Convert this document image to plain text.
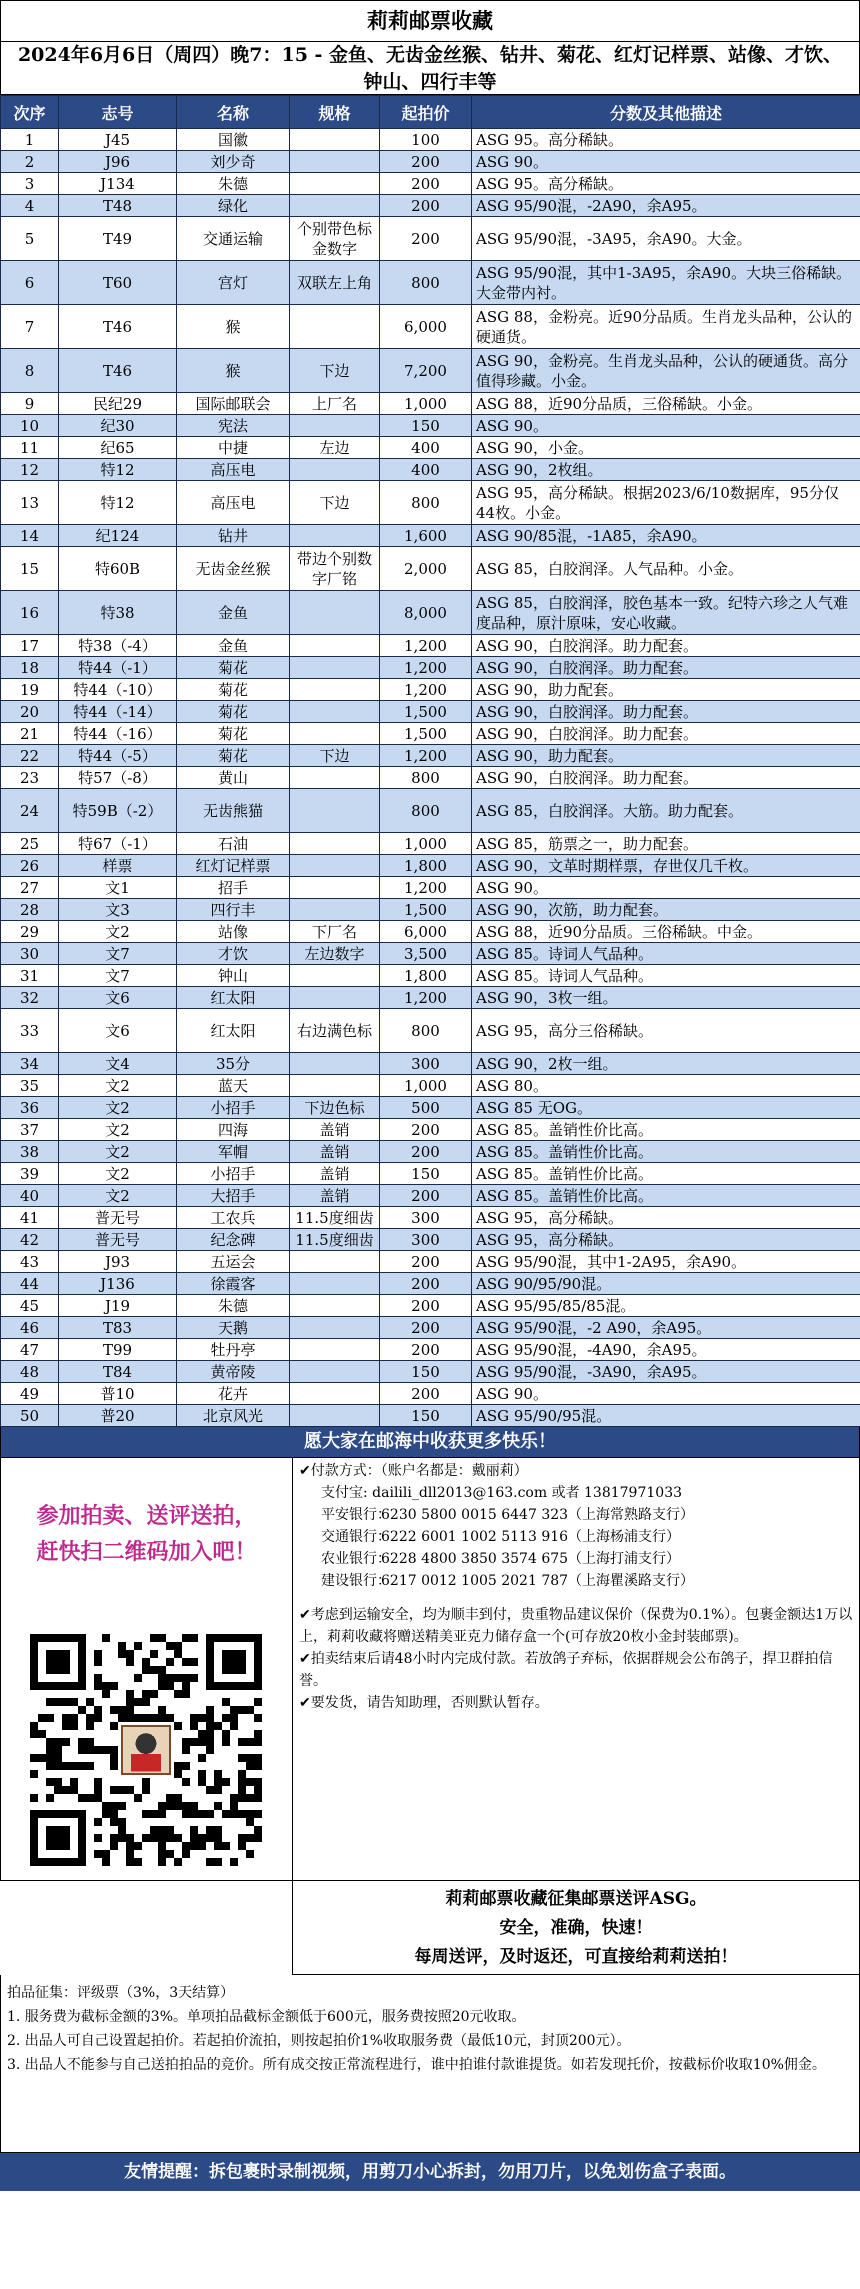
莉莉邮票收藏
2024年6月6日（周四）晚7：15 - 金鱼、无齿金丝猴、钻井、菊花、红灯记样票、站像、才饮、钟山、四行丰等
次序	志号	名称	规格	起拍价	分数及其他描述
1	J45	国徽		100	ASG 95。高分稀缺。
2	J96	刘少奇		200	ASG 90。
3	J134	朱德		200	ASG 95。高分稀缺。
4	T48	绿化		200	ASG 95/90混，-2A90，余A95。
5	T49	交通运输	个别带色标金数字	200	ASG 95/90混，-3A95，余A90。大金。
6	T60	宫灯	双联左上角	800	ASG 95/90混，其中1-3A95，余A90。大块三俗稀缺。大金带内衬。
7	T46	猴		6,000	ASG 88，金粉亮。近90分品质。生肖龙头品种，公认的硬通货。
8	T46	猴	下边	7,200	ASG 90，金粉亮。生肖龙头品种，公认的硬通货。高分值得珍藏。小金。
9	民纪29	国际邮联会	上厂名	1,000	ASG 88，近90分品质，三俗稀缺。小金。
10	纪30	宪法		150	ASG 90。
11	纪65	中捷	左边	400	ASG 90，小金。
12	特12	高压电		400	ASG 90，2枚组。
13	特12	高压电	下边	800	ASG 95，高分稀缺。根据2023/6/10数据库，95分仅44枚。小金。
14	纪124	钻井		1,600	ASG 90/85混，-1A85，余A90。
15	特60B	无齿金丝猴	带边个别数字厂铭	2,000	ASG 85，白胶润泽。人气品种。小金。
16	特38	金鱼		8,000	ASG 85，白胶润泽，胶色基本一致。纪特六珍之人气难度品种，原汁原味，安心收藏。
17	特38（-4）	金鱼		1,200	ASG 90，白胶润泽。助力配套。
18	特44（-1）	菊花		1,200	ASG 90，白胶润泽。助力配套。
19	特44（-10）	菊花		1,200	ASG 90，助力配套。
20	特44（-14）	菊花		1,500	ASG 90，白胶润泽。助力配套。
21	特44（-16）	菊花		1,500	ASG 90，白胶润泽。助力配套。
22	特44（-5）	菊花	下边	1,200	ASG 90，助力配套。
23	特57（-8）	黄山		800	ASG 90，白胶润泽。助力配套。
24	特59B（-2）	无齿熊猫		800	ASG 85，白胶润泽。大筋。助力配套。
25	特67（-1）	石油		1,000	ASG 85，筋票之一，助力配套。
26	样票	红灯记样票		1,800	ASG 90，文革时期样票，存世仅几千枚。
27	文1	招手		1,200	ASG 90。
28	文3	四行丰		1,500	ASG 90，次筋，助力配套。
29	文2	站像	下厂名	6,000	ASG 88，近90分品质。三俗稀缺。中金。
30	文7	才饮	左边数字	3,500	ASG 85。诗词人气品种。
31	文7	钟山		1,800	ASG 85。诗词人气品种。
32	文6	红太阳		1,200	ASG 90，3枚一组。
33	文6	红太阳	右边满色标	800	ASG 95，高分三俗稀缺。
34	文4	35分		300	ASG 90，2枚一组。
35	文2	蓝天		1,000	ASG 80。
36	文2	小招手	下边色标	500	ASG 85 无OG。
37	文2	四海	盖销	200	ASG 85。盖销性价比高。
38	文2	军帽	盖销	200	ASG 85。盖销性价比高。
39	文2	小招手	盖销	150	ASG 85。盖销性价比高。
40	文2	大招手	盖销	200	ASG 85。盖销性价比高。
41	普无号	工农兵	11.5度细齿	300	ASG 95，高分稀缺。
42	普无号	纪念碑	11.5度细齿	300	ASG 95，高分稀缺。
43	J93	五运会		200	ASG 95/90混，其中1-2A95，余A90。
44	J136	徐霞客		200	ASG 90/95/90混。
45	J19	朱德		200	ASG 95/95/85/85混。
46	T83	天鹅		200	ASG 95/90混，-2 A90，余A95。
47	T99	牡丹亭		200	ASG 95/90混，-4A90，余A95。
48	T84	黄帝陵		150	ASG 95/90混，-3A90，余A95。
49	普10	花卉		200	ASG 90。
50	普20	北京风光		150	ASG 95/90/95混。
愿大家在邮海中收获更多快乐！
参加拍卖、送评送拍，
赶快扫二维码加入吧！
✔付款方式：（账户名都是：戴丽莉）
支付宝: dailili_dll2013@163.com 或者 13817971033
平安银行：6230 5800 0015 6447 323（上海常熟路支行）
交通银行：6222 6001 1002 5113 916（上海杨浦支行）
农业银行：6228 4800 3850 3574 675（上海打浦支行）
建设银行：6217 0012 1005 2021 787（上海瞿溪路支行）

✔考虑到运输安全，均为顺丰到付，贵重物品建议保价（保费为0.1%）。包裹金额达1万以上，莉莉收藏将赠送精美亚克力储存盒一个(可存放20枚小金封装邮票)。

✔拍卖结束后请48小时内完成付款。若放鸽子弃标，依据群规会公布鸽子，捍卫群拍信誉。

✔要发货，请告知助理，否则默认暂存。

莉莉邮票收藏征集邮票送评ASG。
安全，准确，快速！
每周送评，及时返还，可直接给莉莉送拍！

拍品征集：评级票（3%，3天结算）

1. 服务费为截标金额的3%。单项拍品截标金额低于600元，服务费按照20元收取。

2. 出品人可自己设置起拍价。若起拍价流拍，则按起拍价1%收取服务费（最低10元，封顶200元）。

3. 出品人不能参与自己送拍拍品的竞价。所有成交按正常流程进行，谁中拍谁付款谁提货。如若发现托价，按截标价收取10%佣金。

友情提醒：拆包裹时录制视频，用剪刀小心拆封，勿用刀片，以免划伤盒子表面。
